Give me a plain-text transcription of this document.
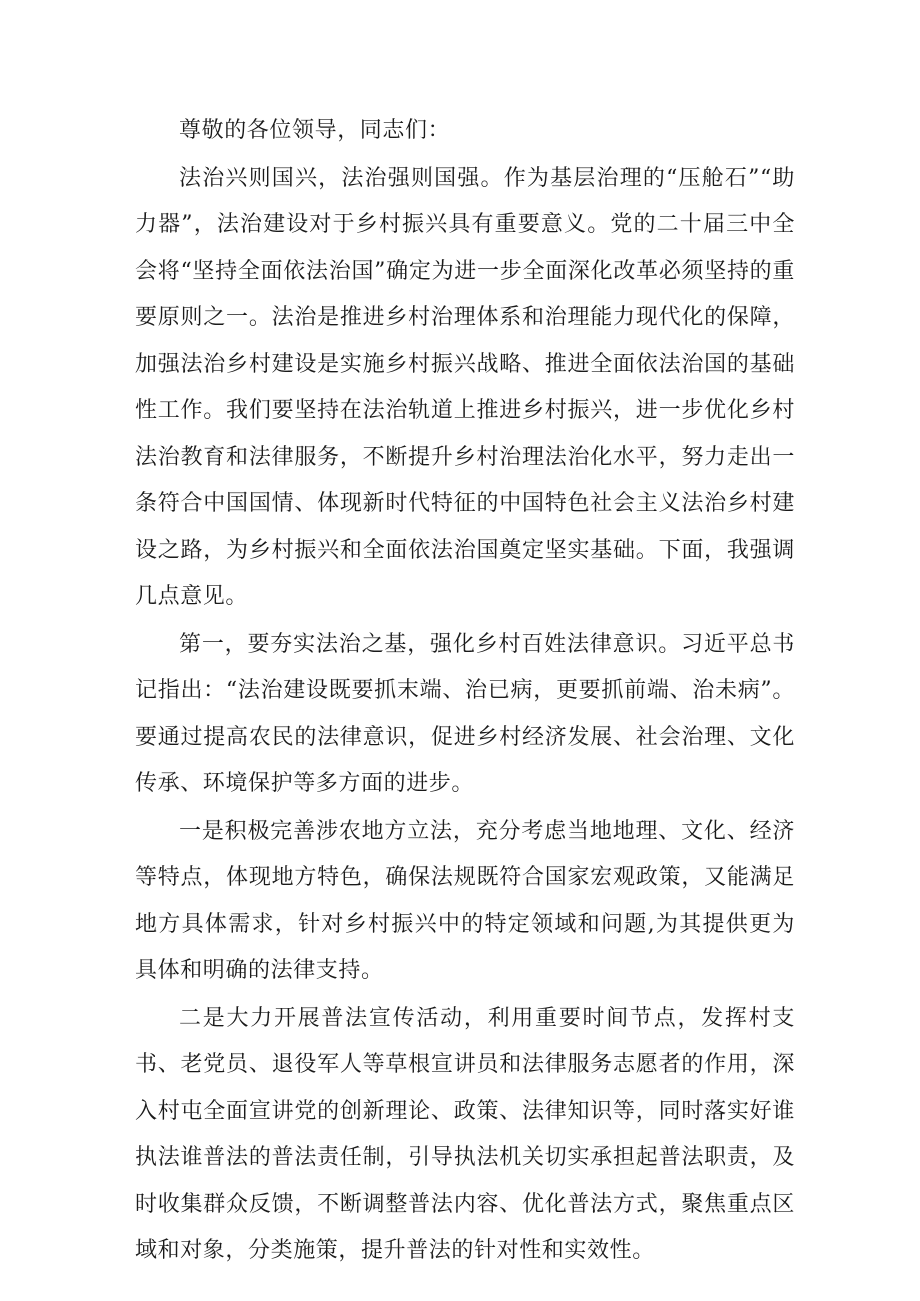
尊敬的各位领导，同志们：

法治兴则国兴，法治强则国强。作为基层治理的“压舱石”“助力器”，法治建设对于乡村振兴具有重要意义。党的二十届三中全会将“坚持全面依法治国”确定为进一步全面深化改革必须坚持的重要原则之一。法治是推进乡村治理体系和治理能力现代化的保障，加强法治乡村建设是实施乡村振兴战略、推进全面依法治国的基础性工作。我们要坚持在法治轨道上推进乡村振兴，进一步优化乡村法治教育和法律服务，不断提升乡村治理法治化水平，努力走出一条符合中国国情、体现新时代特征的中国特色社会主义法治乡村建设之路，为乡村振兴和全面依法治国奠定坚实基础。下面，我强调几点意见。

第一，要夯实法治之基，强化乡村百姓法律意识。习近平总书记指出：“法治建设既要抓末端、治已病，更要抓前端、治未病”。要通过提高农民的法律意识，促进乡村经济发展、社会治理、文化传承、环境保护等多方面的进步。

一是积极完善涉农地方立法，充分考虑当地地理、文化、经济等特点，体现地方特色，确保法规既符合国家宏观政策，又能满足地方具体需求，针对乡村振兴中的特定领域和问题,为其提供更为具体和明确的法律支持。

二是大力开展普法宣传活动，利用重要时间节点，发挥村支书、老党员、退役军人等草根宣讲员和法律服务志愿者的作用，深入村屯全面宣讲党的创新理论、政策、法律知识等，同时落实好谁执法谁普法的普法责任制，引导执法机关切实承担起普法职责，及时收集群众反馈，不断调整普法内容、优化普法方式，聚焦重点区域和对象，分类施策，提升普法的针对性和实效性。
